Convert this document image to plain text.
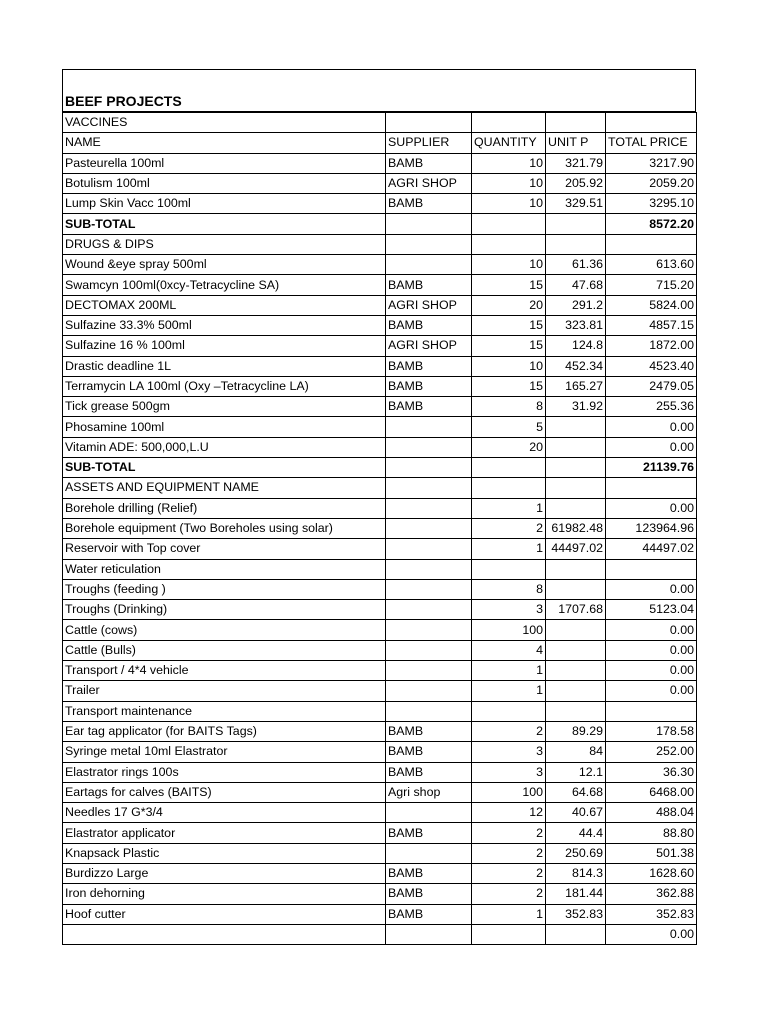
BEEF PROJECTS
VACCINES				
NAME	SUPPLIER	QUANTITY	UNIT P	TOTAL PRICE
Pasteurella 100ml	BAMB	10	321.79	3217.90
Botulism 100ml	AGRI SHOP	10	205.92	2059.20
Lump Skin Vacc 100ml	BAMB	10	329.51	3295.10
SUB-TOTAL				8572.20
DRUGS & DIPS				
Wound &eye spray 500ml		10	61.36	613.60
Swamcyn 100ml(0xcy-Tetracycline SA)	BAMB	15	47.68	715.20
DECTOMAX 200ML	AGRI SHOP	20	291.2	5824.00
Sulfazine 33.3% 500ml	BAMB	15	323.81	4857.15
Sulfazine 16 % 100ml	AGRI SHOP	15	124.8	1872.00
Drastic deadline 1L	BAMB	10	452.34	4523.40
Terramycin LA 100ml (Oxy –Tetracycline LA)	BAMB	15	165.27	2479.05
Tick grease 500gm	BAMB	8	31.92	255.36
Phosamine 100ml		5		0.00
Vitamin ADE: 500,000,L.U		20		0.00
SUB-TOTAL				21139.76
ASSETS AND EQUIPMENT NAME				
Borehole drilling (Relief)		1		0.00
Borehole equipment (Two Boreholes using solar)		2	61982.48	123964.96
Reservoir with Top cover		1	44497.02	44497.02
Water reticulation				
Troughs (feeding )		8		0.00
Troughs (Drinking)		3	1707.68	5123.04
Cattle (cows)		100		0.00
Cattle (Bulls)		4		0.00
Transport / 4*4 vehicle		1		0.00
Trailer		1		0.00
Transport maintenance				
Ear tag applicator (for BAITS Tags)	BAMB	2	89.29	178.58
Syringe metal 10ml Elastrator	BAMB	3	84	252.00
Elastrator rings 100s	BAMB	3	12.1	36.30
Eartags for calves (BAITS)	Agri shop	100	64.68	6468.00
Needles 17 G*3/4		12	40.67	488.04
Elastrator applicator	BAMB	2	44.4	88.80
Knapsack Plastic		2	250.69	501.38
Burdizzo Large	BAMB	2	814.3	1628.60
Iron dehorning	BAMB	2	181.44	362.88
Hoof cutter	BAMB	1	352.83	352.83
				0.00
